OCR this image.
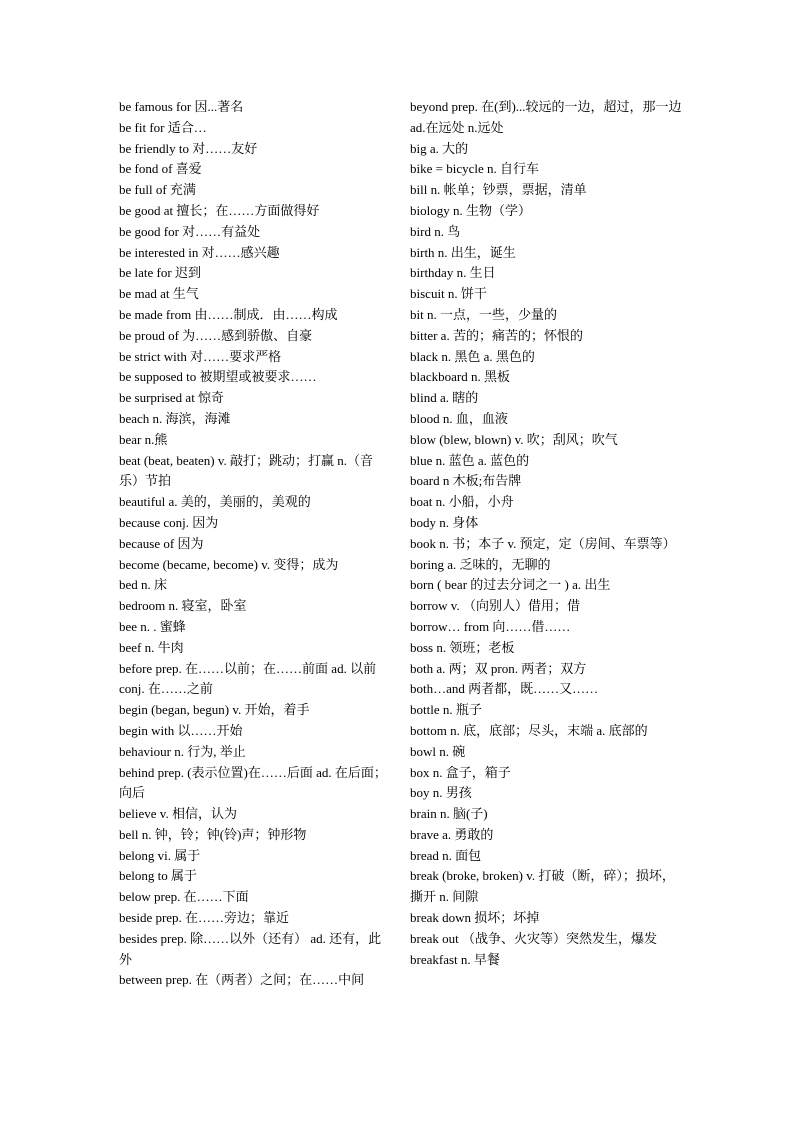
be famous for 因...著名
be fit for 适合…
be friendly to 对……友好
be fond of 喜爱
be full of 充满
be good at 擅长；在……方面做得好
be good for 对……有益处
be interested in 对……感兴趣
be late for 迟到
be mad at 生气
be made from 由……制成．由……构成
be proud of 为……感到骄傲、自豪
be strict with 对……要求严格
be supposed to 被期望或被要求……
be surprised at 惊奇
beach n. 海滨，海滩
bear n.熊
beat (beat, beaten) v. 敲打；跳动；打赢 n.（音乐）节拍
beautiful a. 美的，美丽的，美观的
because conj. 因为
because of 因为
become (became, become) v. 变得；成为
bed n. 床
bedroom n. 寝室，卧室
bee n. . 蜜蜂
beef n. 牛肉
before prep. 在……以前；在……前面 ad. 以前 conj. 在……之前
begin (began, begun) v. 开始，着手
begin with 以……开始
behaviour n. 行为, 举止
behind prep. (表示位置)在……后面 ad. 在后面；向后
believe v. 相信，认为
bell n. 钟，铃；钟(铃)声；钟形物
belong vi. 属于
belong to 属于
below prep. 在……下面
beside prep. 在……旁边；靠近
besides prep. 除……以外（还有） ad. 还有，此外
between prep. 在（两者）之间；在……中间
beyond prep. 在(到)...较远的一边，超过，那一边 ad.在远处 n.远处
big a. 大的
bike = bicycle n. 自行车
bill n. 帐单；钞票，票据，清单
biology n. 生物（学）
bird n. 鸟
birth n. 出生，诞生
birthday n. 生日
biscuit n. 饼干
bit n. 一点，一些，少量的
bitter a. 苦的；痛苦的；怀恨的
black n. 黑色 a. 黑色的
blackboard n. 黑板
blind a. 瞎的
blood n. 血，血液
blow (blew, blown) v. 吹；刮风；吹气
blue n. 蓝色 a. 蓝色的
board n 木板;布告牌
boat n. 小船，小舟
body n. 身体
book n. 书；本子 v. 预定，定（房间、车票等）
boring a. 乏味的，无聊的
born ( bear 的过去分词之一 ) a. 出生
borrow v. （向别人）借用；借
borrow… from 向……借……
boss n. 领班；老板
both a. 两；双 pron. 两者；双方
both…and 两者都，既……又……
bottle n. 瓶子
bottom n. 底，底部；尽头，末端 a. 底部的
bowl n. 碗
box n. 盒子，箱子
boy n. 男孩
brain n. 脑(子)
brave a. 勇敢的
bread n. 面包
break (broke, broken) v. 打破（断，碎）；损坏，撕开 n. 间隙
break down 损坏；坏掉
break out （战争、火灾等）突然发生，爆发
breakfast n. 早餐
